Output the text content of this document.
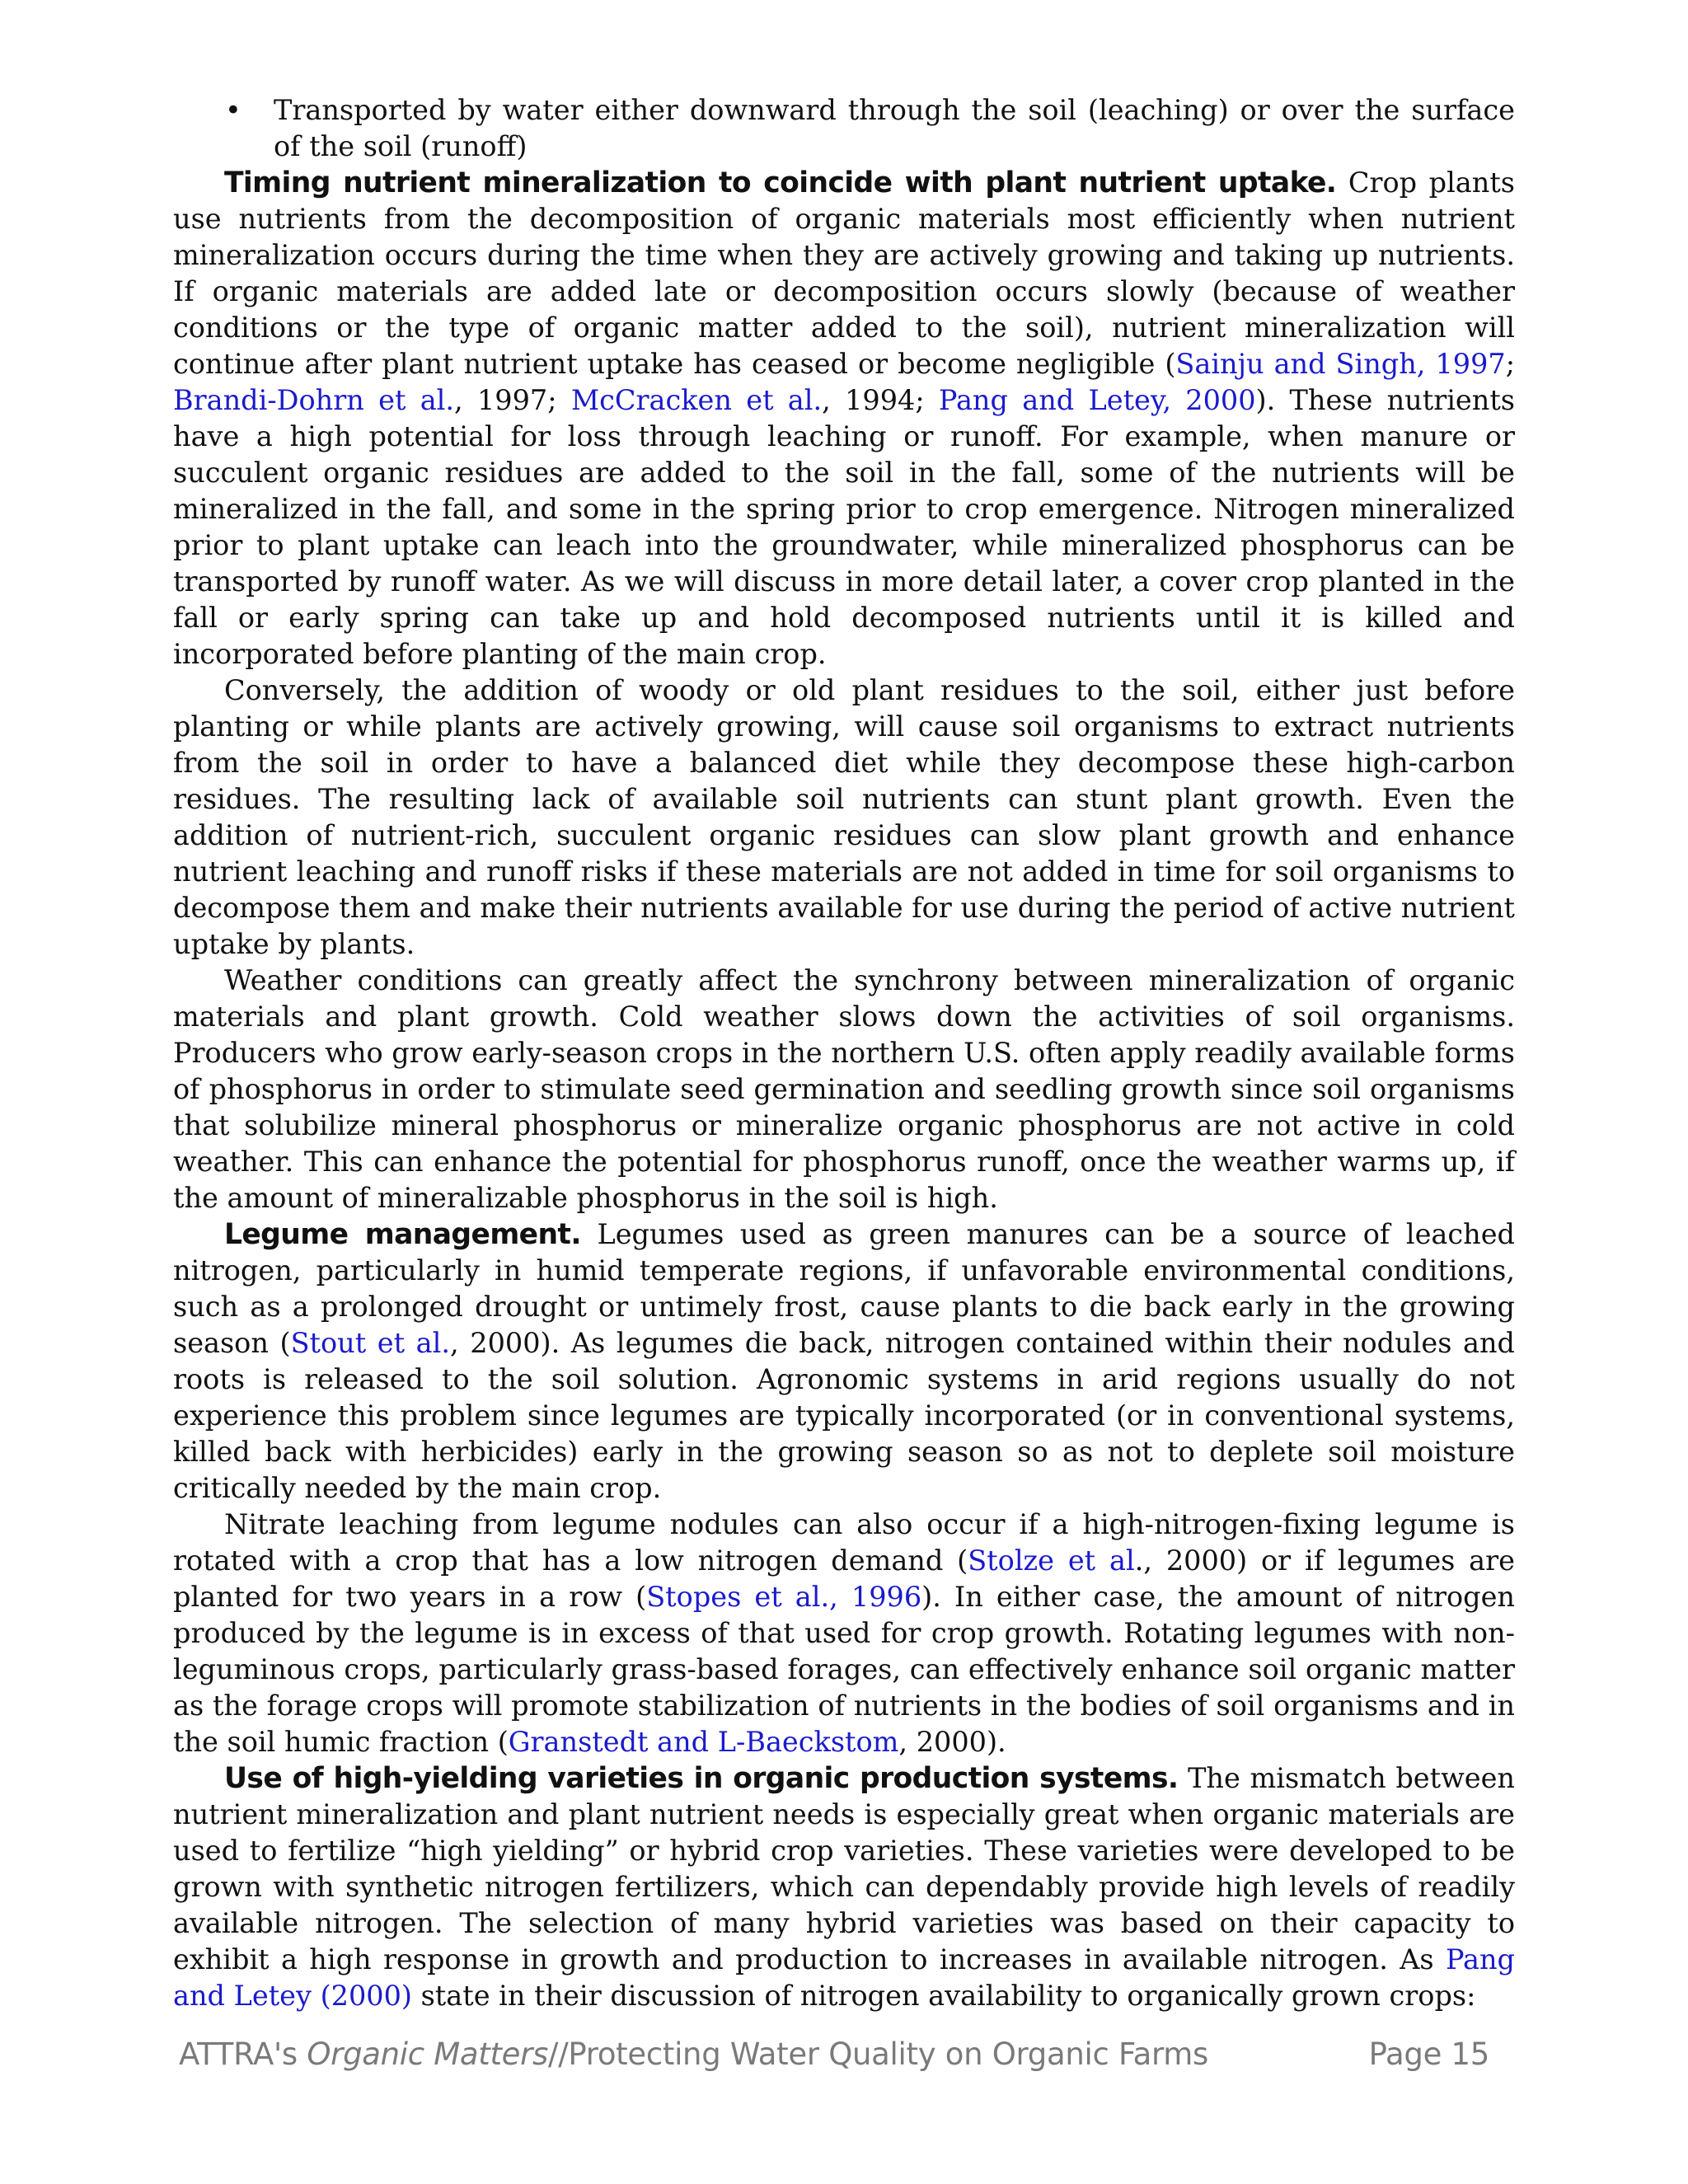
• Transported by water either downward through the soil (leaching) or over the surface of the soil (runoff)

Timing nutrient mineralization to coincide with plant nutrient uptake. Crop plants use nutrients from the decomposition of organic materials most efficiently when nutrient mineralization occurs during the time when they are actively growing and taking up nutrients. If organic materials are added late or decomposition occurs slowly (because of weather conditions or the type of organic matter added to the soil), nutrient mineralization will continue after plant nutrient uptake has ceased or become negligible (Sainju and Singh, 1997; Brandi-Dohrn et al., 1997; McCracken et al., 1994; Pang and Letey, 2000). These nutrients have a high potential for loss through leaching or runoff. For example, when manure or succulent organic residues are added to the soil in the fall, some of the nutrients will be mineralized in the fall, and some in the spring prior to crop emergence. Nitrogen mineralized prior to plant uptake can leach into the groundwater, while mineralized phosphorus can be transported by runoff water. As we will discuss in more detail later, a cover crop planted in the fall or early spring can take up and hold decomposed nutrients until it is killed and incorporated before planting of the main crop.

Conversely, the addition of woody or old plant residues to the soil, either just before planting or while plants are actively growing, will cause soil organisms to extract nutrients from the soil in order to have a balanced diet while they decompose these high-carbon residues. The resulting lack of available soil nutrients can stunt plant growth. Even the addition of nutrient-rich, succulent organic residues can slow plant growth and enhance nutrient leaching and runoff risks if these materials are not added in time for soil organisms to decompose them and make their nutrients available for use during the period of active nutrient uptake by plants.

Weather conditions can greatly affect the synchrony between mineralization of organic materials and plant growth. Cold weather slows down the activities of soil organisms. Producers who grow early-season crops in the northern U.S. often apply readily available forms of phosphorus in order to stimulate seed germination and seedling growth since soil organisms that solubilize mineral phosphorus or mineralize organic phosphorus are not active in cold weather. This can enhance the potential for phosphorus runoff, once the weather warms up, if the amount of mineralizable phosphorus in the soil is high.

Legume management. Legumes used as green manures can be a source of leached nitrogen, particularly in humid temperate regions, if unfavorable environmental conditions, such as a prolonged drought or untimely frost, cause plants to die back early in the growing season (Stout et al., 2000). As legumes die back, nitrogen contained within their nodules and roots is released to the soil solution. Agronomic systems in arid regions usually do not experience this problem since legumes are typically incorporated (or in conventional systems, killed back with herbicides) early in the growing season so as not to deplete soil moisture critically needed by the main crop.

Nitrate leaching from legume nodules can also occur if a high-nitrogen-fixing legume is rotated with a crop that has a low nitrogen demand (Stolze et al., 2000) or if legumes are planted for two years in a row (Stopes et al., 1996). In either case, the amount of nitrogen produced by the legume is in excess of that used for crop growth. Rotating legumes with non-leguminous crops, particularly grass-based forages, can effectively enhance soil organic matter as the forage crops will promote stabilization of nutrients in the bodies of soil organisms and in the soil humic fraction (Granstedt and L-Baeckstom, 2000).

Use of high-yielding varieties in organic production systems. The mismatch between nutrient mineralization and plant nutrient needs is especially great when organic materials are used to fertilize “high yielding” or hybrid crop varieties. These varieties were developed to be grown with synthetic nitrogen fertilizers, which can dependably provide high levels of readily available nitrogen. The selection of many hybrid varieties was based on their capacity to exhibit a high response in growth and production to increases in available nitrogen. As Pang and Letey (2000) state in their discussion of nitrogen availability to organically grown crops:

ATTRA's Organic Matters//Protecting Water Quality on Organic Farms	Page 15
